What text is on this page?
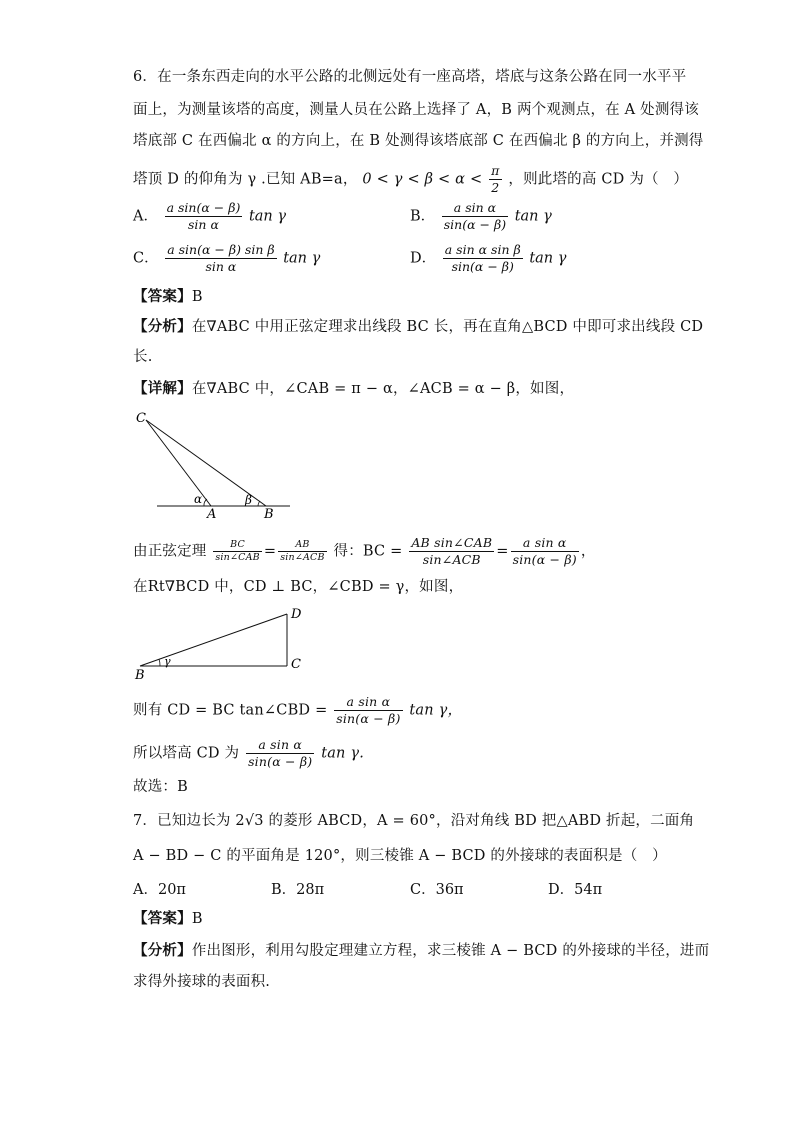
6．在一条东西走向的水平公路的北侧远处有一座高塔，塔底与这条公路在同一水平平
面上，为测量该塔的高度，测量人员在公路上选择了 A，B 两个观测点，在 A 处测得该
塔底部 C 在西偏北 α 的方向上，在 B 处测得该塔底部 C 在西偏北 β 的方向上，并测得
塔顶 D 的仰角为 γ .已知 AB=a， $0 < \gamma < \beta < \alpha < \frac{\pi}{2}$ ，则此塔的高 CD 为（　）
A． $\frac{\text{a sin(α − β)}}{\text{sin α}}$ tan γ	B． $\frac{\text{a sin α}}{\sin(\alpha - \beta)}$ tan γ
C． $\frac{\text{a sin(α − β) sin β}}{\text{sin α}}$ tan γ	D． $\frac{\text{a sin α sin β}}{\sin(\alpha - \beta)}$ tan γ
【答案】B
【分析】在∇ABC 中用正弦定理求出线段 BC 长，再在直角△BCD 中即可求出线段 CD
长.
【详解】在∇ABC 中，∠CAB = π − α，∠ACB = α − β，如图，
C
A	B
α	β
由正弦定理 $\frac{BC}{\text{sin∠CAB}} = \frac{AB}{\text{sin∠ACB}}$ 得：BC = $\frac{\text{AB sin∠CAB}}{\text{sin∠ACB}} = \frac{\text{a sin α}}{\sin(\alpha - \beta)}$ ，
在Rt∇BCD 中，CD ⊥ BC，∠CBD = γ，如图，
B
C
D
γ
则有 CD = BC tan∠CBD = $\frac{\text{a sin α}}{\sin(\alpha - \beta)}$ tan γ，
所以塔高 CD 为 $\frac{\text{a sin α}}{\sin(\alpha - \beta)}$ tan γ.
故选：B
7．已知边长为 2√3 的菱形 ABCD，A = 60°，沿对角线 BD 把△ABD 折起，二面角
A − BD − C 的平面角是 120°，则三棱锥 A − BCD 的外接球的表面积是（　）
A．20π	B．28π	C．36π	D．54π
【答案】B
【分析】作出图形，利用勾股定理建立方程，求三棱锥 A − BCD 的外接球的半径，进而
求得外接球的表面积.
